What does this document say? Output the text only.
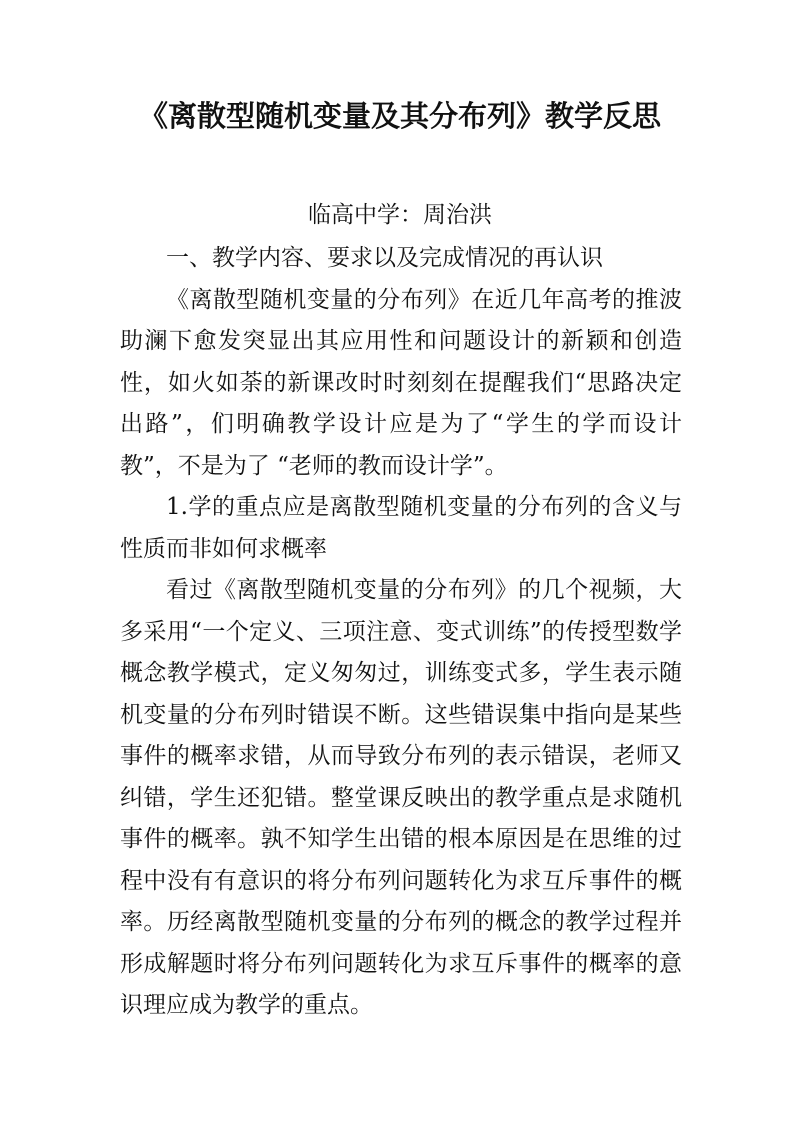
《离散型随机变量及其分布列》教学反思

临高中学：周治洪

一、教学内容、要求以及完成情况的再认识

《离散型随机变量的分布列》在近几年高考的推波助澜下愈发突显出其应用性和问题设计的新颖和创造性，如火如荼的新课改时时刻刻在提醒我们“思路决定出路”，们明确教学设计应是为了“学生的学而设计教”，不是为了 “老师的教而设计学”。

1.学的重点应是离散型随机变量的分布列的含义与性质而非如何求概率

看过《离散型随机变量的分布列》的几个视频，大多采用“一个定义、三项注意、变式训练”的传授型数学概念教学模式，定义匆匆过，训练变式多，学生表示随机变量的分布列时错误不断。这些错误集中指向是某些事件的概率求错，从而导致分布列的表示错误，老师又纠错，学生还犯错。整堂课反映出的教学重点是求随机事件的概率。孰不知学生出错的根本原因是在思维的过程中没有有意识的将分布列问题转化为求互斥事件的概率。历经离散型随机变量的分布列的概念的教学过程并形成解题时将分布列问题转化为求互斥事件的概率的意识理应成为教学的重点。
